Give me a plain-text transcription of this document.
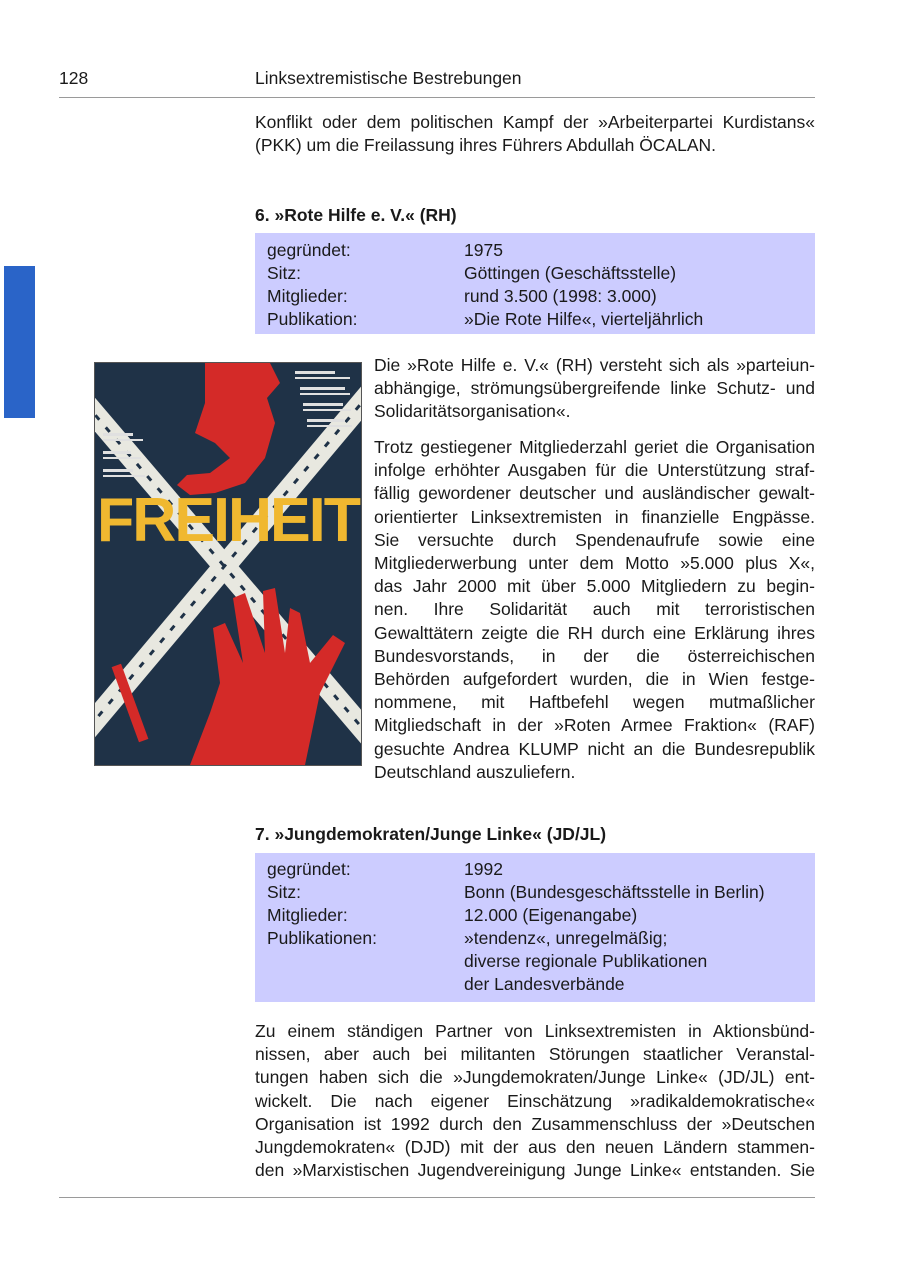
128	Linksextremistische Bestrebungen
Konflikt oder dem politischen Kampf der »Arbeiterpartei Kurdistans«
(PKK) um die Freilassung ihres Führers Abdullah ÖCALAN.
6. »Rote Hilfe e. V.« (RH)
gegründet:	1975
Sitz:	Göttingen (Geschäftsstelle)
Mitglieder:	rund 3.500 (1998: 3.000)
Publikation:	»Die Rote Hilfe«, vierteljährlich
FREIHEIT
Die »Rote Hilfe e. V.« (RH) versteht sich als »parteiun-
abhängige, strömungsübergreifende linke Schutz- und
Solidaritätsorganisation«.
Trotz gestiegener Mitgliederzahl geriet die Organisation
infolge erhöhter Ausgaben für die Unterstützung straf-
fällig gewordener deutscher und ausländischer gewalt-
orientierter Linksextremisten in finanzielle Engpässe.
Sie versuchte durch Spendenaufrufe sowie eine
Mitgliederwerbung unter dem Motto »5.000 plus X«,
das Jahr 2000 mit über 5.000 Mitgliedern zu begin-
nen. Ihre Solidarität auch mit terroristischen
Gewalttätern zeigte die RH durch eine Erklärung ihres
Bundesvorstands, in der die österreichischen
Behörden aufgefordert wurden, die in Wien festge-
nommene, mit Haftbefehl wegen mutmaßlicher
Mitgliedschaft in der »Roten Armee Fraktion« (RAF)
gesuchte Andrea KLUMP nicht an die Bundesrepublik
Deutschland auszuliefern.
7. »Jungdemokraten/Junge Linke« (JD/JL)
gegründet:	1992
Sitz:	Bonn (Bundesgeschäftsstelle in Berlin)
Mitglieder:	12.000 (Eigenangabe)
Publikationen:	»tendenz«, unregelmäßig;
diverse regionale Publikationen
der Landesverbände
Zu einem ständigen Partner von Linksextremisten in Aktionsbünd-
nissen, aber auch bei militanten Störungen staatlicher Veranstal-
tungen haben sich die »Jungdemokraten/Junge Linke« (JD/JL) ent-
wickelt. Die nach eigener Einschätzung »radikaldemokratische«
Organisation ist 1992 durch den Zusammenschluss der »Deutschen
Jungdemokraten« (DJD) mit der aus den neuen Ländern stammen-
den »Marxistischen Jugendvereinigung Junge Linke« entstanden. Sie
